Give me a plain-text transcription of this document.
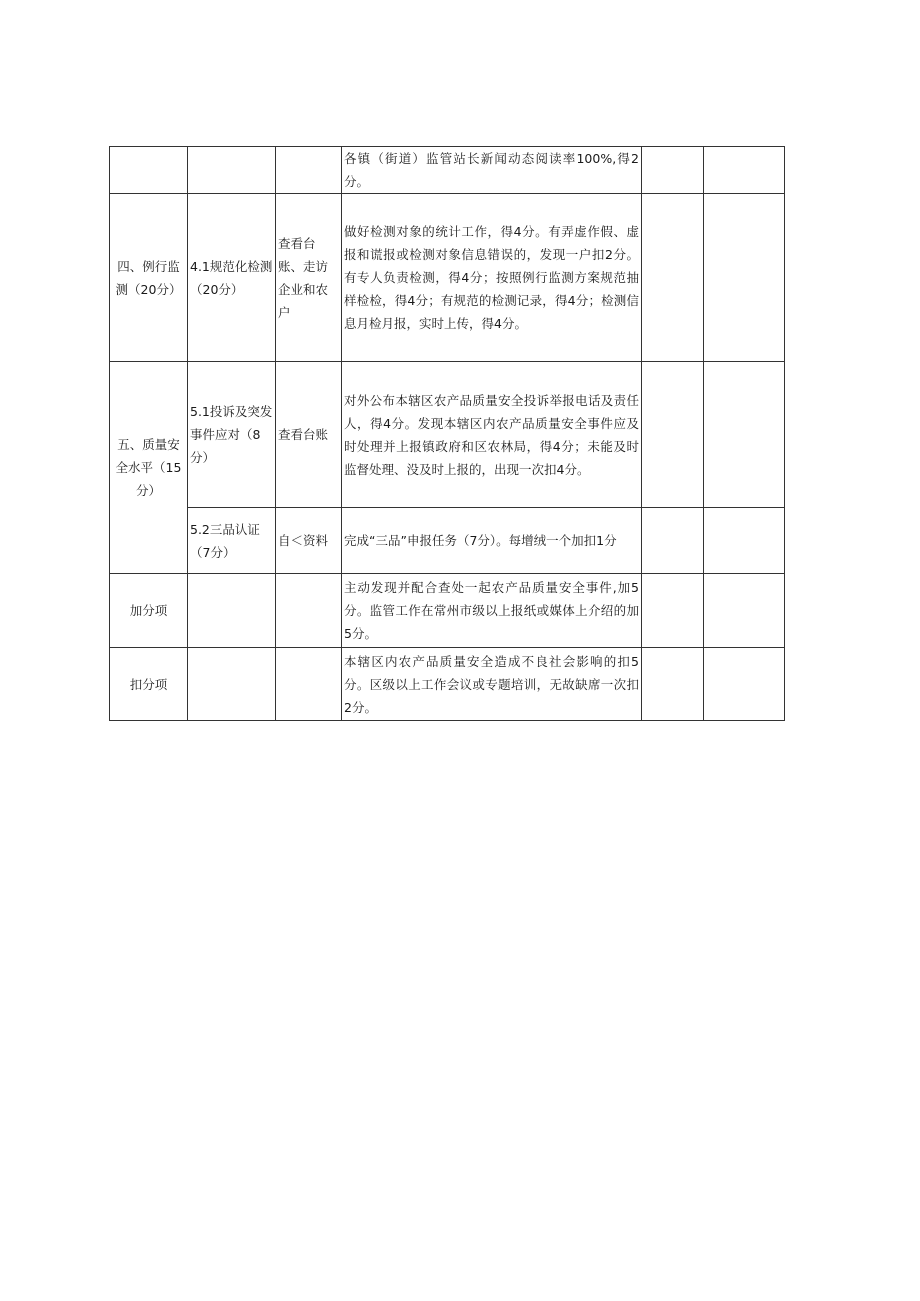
			各镇（街道）监管站长新闻动态阅读率100%,得2分。		
四、例行监测（20分）	4.1规范化检测（20分）	查看台账、走访企业和农户	做好检测对象的统计工作，得4分。有弄虚作假、虚报和谎报或检测对象信息错误的，发现一户扣2分。有专人负责检测，得4分；按照例行监测方案规范抽样检检，得4分；有规范的检测记录，得4分；检测信息月检月报，实时上传，得4分。		
五、质量安全水平（15分）	5.1投诉及突发事件应对（8分）	查看台账	对外公布本辖区农产品质量安全投诉举报电话及责任人，得4分。发现本辖区内农产品质量安全事件应及时处理并上报镇政府和区农林局，得4分；未能及时监督处理、没及时上报的，出现一次扣4分。		
	5.2三品认证（7分）	自＜资料	完成“三品”申报任务（7分）。每增绒一个加扣1分		
加分项			主动发现并配合查处一起农产品质量安全事件,加5分。监管工作在常州市级以上报纸或媒体上介绍的加5分。		
扣分项			本辖区内农产品质量安全造成不良社会影响的扣5分。区级以上工作会议或专题培训，无故缺席一次扣2分。		
